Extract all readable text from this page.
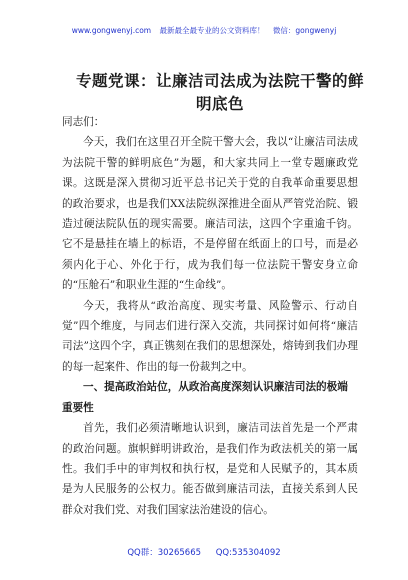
www.gongwenyj.com 最新最全最专业的公文资料库！ 微信：gongwenyj
专题党课：让廉洁司法成为法院干警的鲜明底色

同志们：

今天，我们在这里召开全院干警大会，我以“让廉洁司法成为法院干警的鲜明底色”为题，和大家共同上一堂专题廉政党课。这既是深入贯彻习近平总书记关于党的自我革命重要思想的政治要求，也是我们XX法院纵深推进全面从严管党治院、锻造过硬法院队伍的现实需要。廉洁司法，这四个字重逾千钧。它不是悬挂在墙上的标语，不是停留在纸面上的口号，而是必须内化于心、外化于行，成为我们每一位法院干警安身立命的“压舱石”和职业生涯的“生命线”。

今天，我将从“政治高度、现实考量、风险警示、行动自觉”四个维度，与同志们进行深入交流，共同探讨如何将“廉洁司法”这四个字，真正镌刻在我们的思想深处，熔铸到我们办理的每一起案件、作出的每一份裁判之中。

一、提高政治站位，从政治高度深刻认识廉洁司法的极端重要性

首先，我们必须清晰地认识到，廉洁司法首先是一个严肃的政治问题。旗帜鲜明讲政治，是我们作为政法机关的第一属性。我们手中的审判权和执行权，是党和人民赋予的，其本质是为人民服务的公权力。能否做到廉洁司法，直接关系到人民群众对我们党、对我们国家法治建设的信心。

QQ群：30265665 QQ:535304092
